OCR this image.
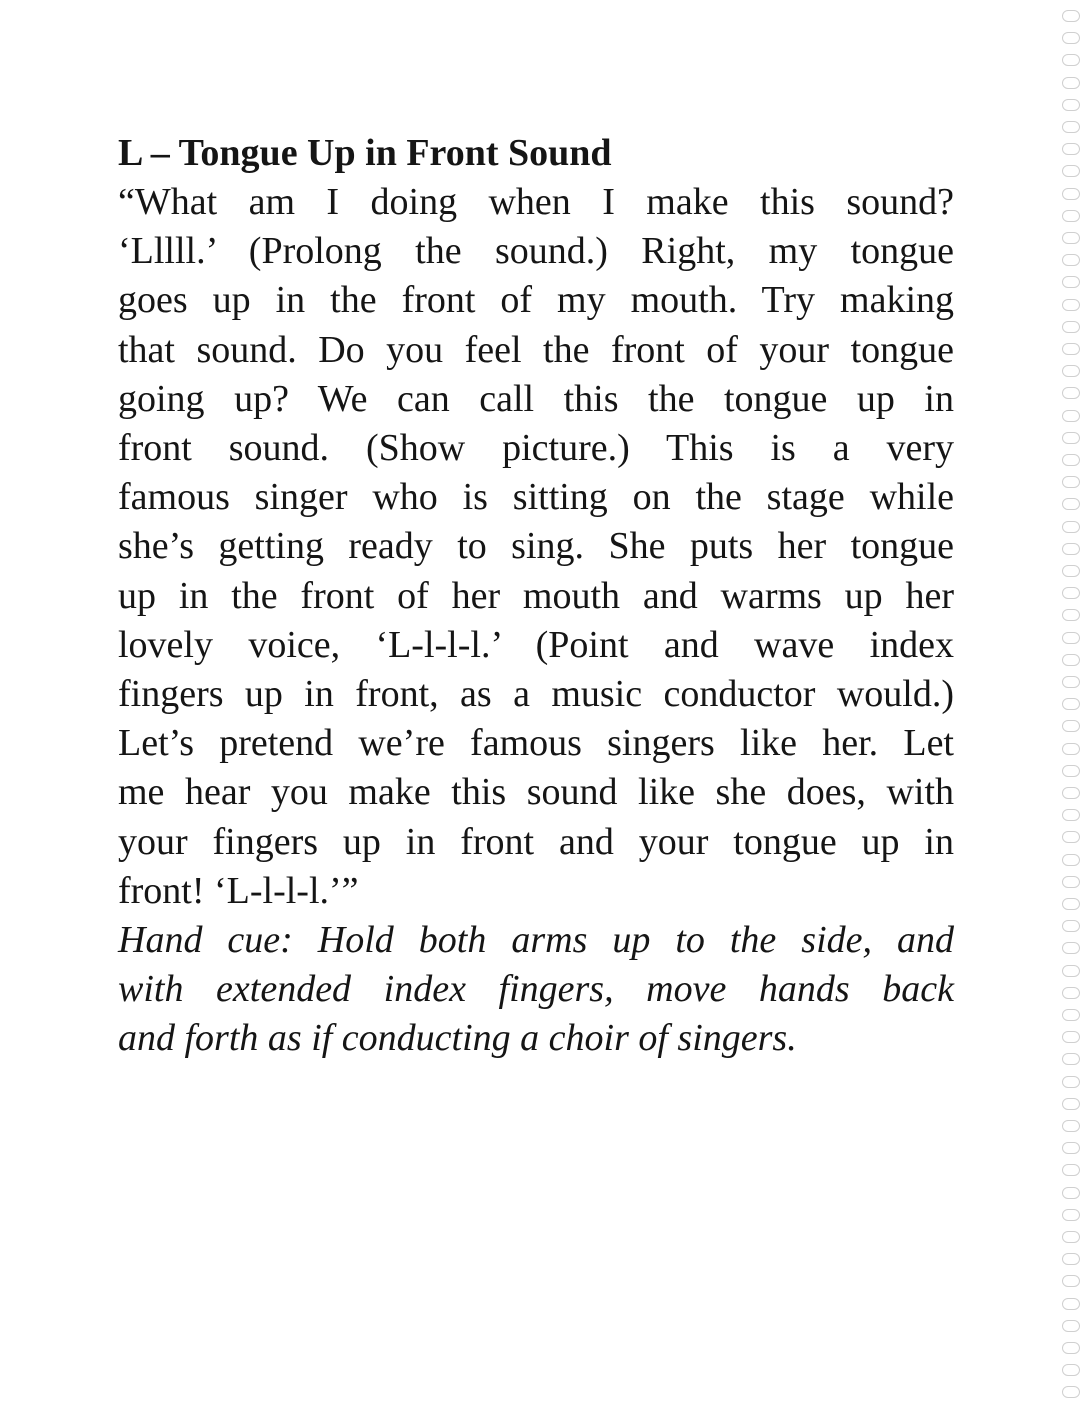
L – Tongue Up in Front Sound

“What am I doing when I make this sound?
‘Lllll.’ (Prolong the sound.) Right, my tongue
goes up in the front of my mouth. Try making
that sound. Do you feel the front of your tongue
going up? We can call this the tongue up in
front sound. (Show picture.) This is a very
famous singer who is sitting on the stage while
she’s getting ready to sing. She puts her tongue
up in the front of her mouth and warms up her
lovely voice, ‘L-l-l-l.’ (Point and wave index
fingers up in front, as a music conductor would.)
Let’s pretend we’re famous singers like her. Let
me hear you make this sound like she does, with
your fingers up in front and your tongue up in
front! ‘L-l-l-l.’”

Hand cue: Hold both arms up to the side, and
with extended index fingers, move hands back
and forth as if conducting a choir of singers.
